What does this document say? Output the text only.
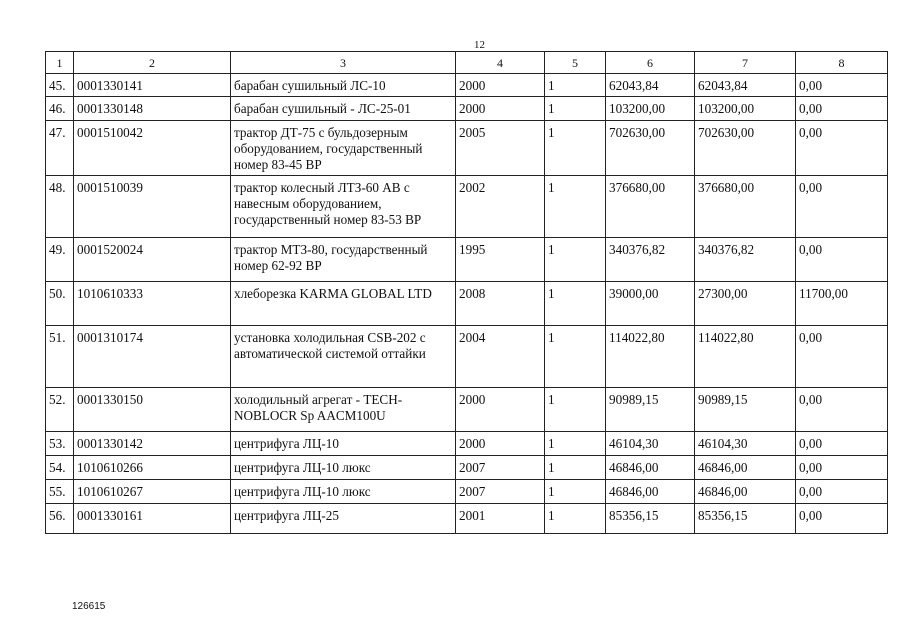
12
1	2	3	4	5	6	7	8
45.	0001330141	барабан сушильный ЛС-10	2000	1	62043,84	62043,84	0,00
46.	0001330148	барабан сушильный - ЛС-25-01	2000	1	103200,00	103200,00	0,00
47.	0001510042	трактор ДТ-75 с бульдозерным оборудованием, государственный номер 83-45 ВР	2005	1	702630,00	702630,00	0,00
48.	0001510039	трактор колесный ЛТЗ-60 АВ с навесным оборудованием, государственный номер 83-53 ВР	2002	1	376680,00	376680,00	0,00
49.	0001520024	трактор МТЗ-80, государственный номер 62-92 ВР	1995	1	340376,82	340376,82	0,00
50.	1010610333	хлеборезка KARMA GLOBAL LTD	2008	1	39000,00	27300,00	11700,00
51.	0001310174	установка холодильная CSB-202 с автоматической системой оттайки	2004	1	114022,80	114022,80	0,00
52.	0001330150	холодильный агрегат - TECH-NOBLOCR Sp AACM100U	2000	1	90989,15	90989,15	0,00
53.	0001330142	центрифуга ЛЦ-10	2000	1	46104,30	46104,30	0,00
54.	1010610266	центрифуга ЛЦ-10 люкс	2007	1	46846,00	46846,00	0,00
55.	1010610267	центрифуга ЛЦ-10 люкс	2007	1	46846,00	46846,00	0,00
56.	0001330161	центрифуга ЛЦ-25	2001	1	85356,15	85356,15	0,00
126615
